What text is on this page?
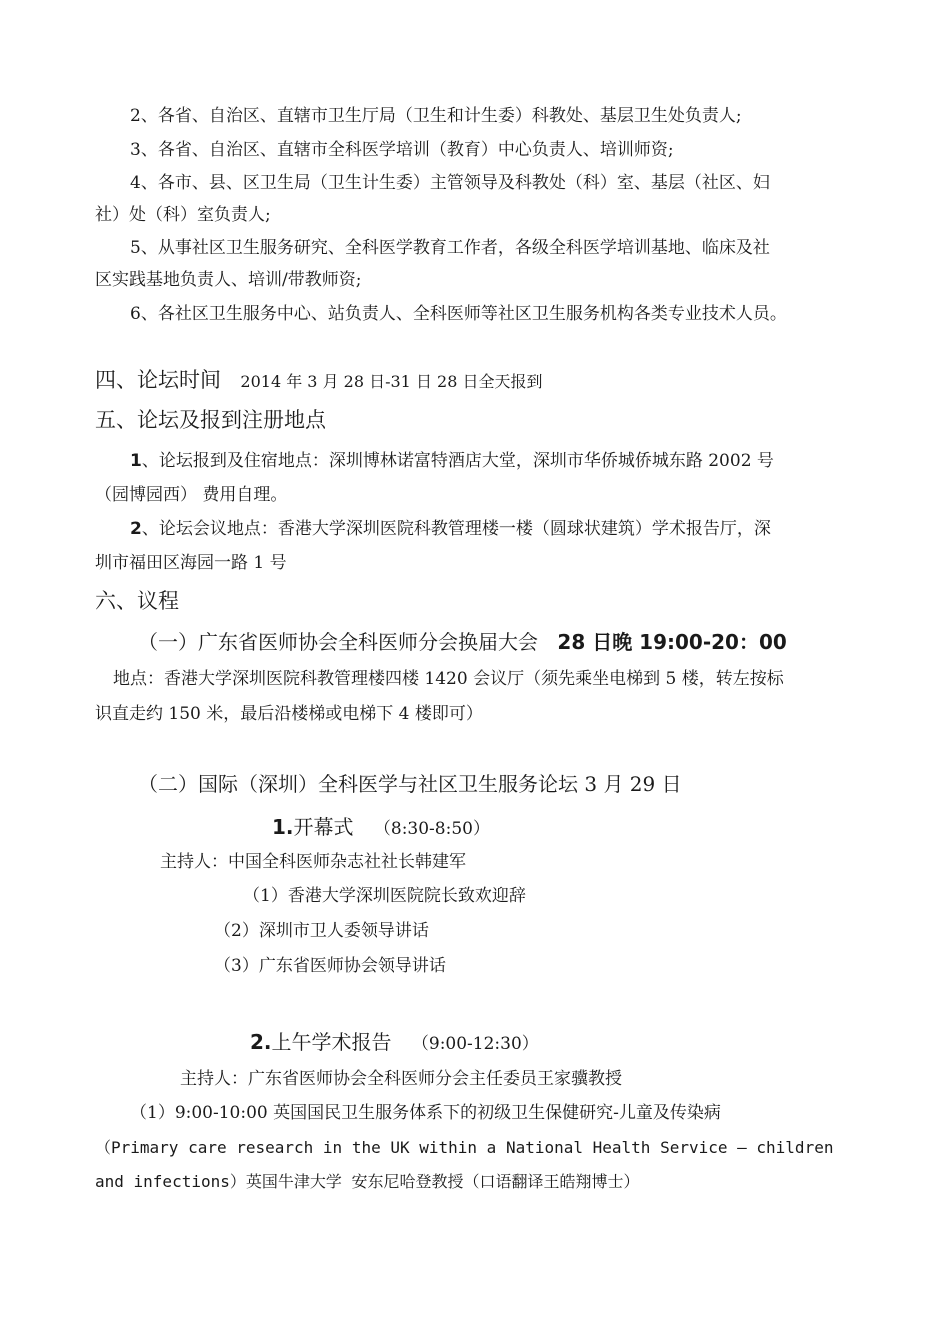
2、各省、自治区、直辖市卫生厅局（卫生和计生委）科教处、基层卫生处负责人;
3、各省、自治区、直辖市全科医学培训（教育）中心负责人、培训师资;
4、各市、县、区卫生局（卫生计生委）主管领导及科教处（科）室、基层（社区、妇
社）处（科）室负责人;
5、从事社区卫生服务研究、全科医学教育工作者，各级全科医学培训基地、临床及社
区实践基地负责人、培训/带教师资;
6、各社区卫生服务中心、站负责人、全科医师等社区卫生服务机构各类专业技术人员。
四、论坛时间 2014 年 3 月 28 日-31 日 28 日全天报到
五、论坛及报到注册地点
1、论坛报到及住宿地点：深圳博林诺富特酒店大堂，深圳市华侨城侨城东路 2002 号
（园博园西） 费用自理。
2、论坛会议地点：香港大学深圳医院科教管理楼一楼（圆球状建筑）学术报告厅，深
圳市福田区海园一路 1 号
六、议程
（一）广东省医师协会全科医师分会换届大会 28 日晚 19:00-20：00
地点：香港大学深圳医院科教管理楼四楼 1420 会议厅（须先乘坐电梯到 5 楼，转左按标
识直走约 150 米，最后沿楼梯或电梯下 4 楼即可）
（二）国际（深圳）全科医学与社区卫生服务论坛 3 月 29 日
1.开幕式 （8:30-8:50）
主持人：中国全科医师杂志社社长韩建军
（1）香港大学深圳医院院长致欢迎辞
（2）深圳市卫人委领导讲话
（3）广东省医师协会领导讲话
2.上午学术报告 （9:00-12:30）
主持人：广东省医师协会全科医师分会主任委员王家骥教授
（1）9:00-10:00 英国国民卫生服务体系下的初级卫生保健研究-儿童及传染病
（Primary care research in the UK within a National Health Service – children
and infections）英国牛津大学 安东尼哈登教授（口语翻译王皓翔博士）
